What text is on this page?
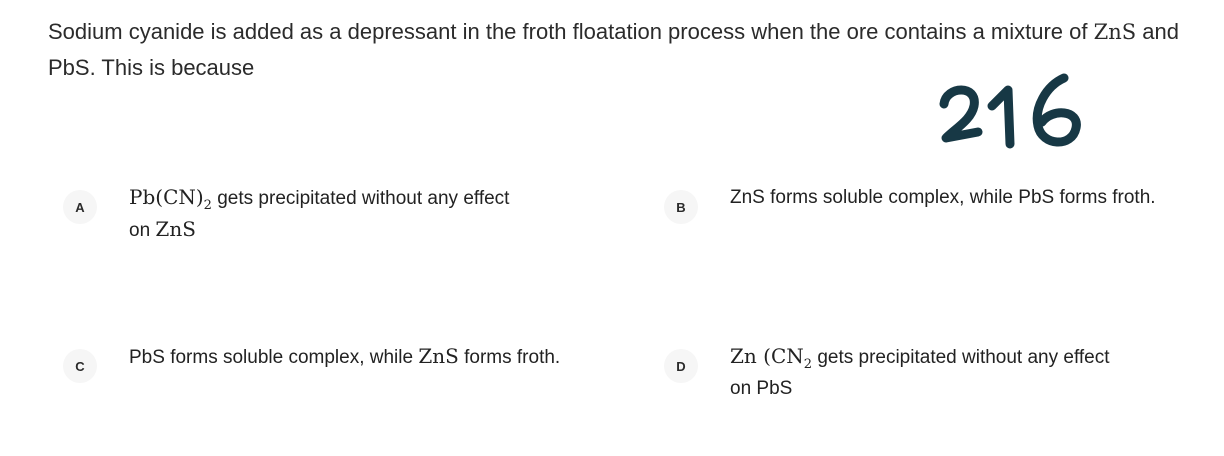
Sodium cyanide is added as a depressant in the froth floatation process when the ore contains a mixture of ZnS and PbS. This is because
A	$Pb(CN)_2$ gets precipitated without any effect
on ZnS
B	ZnS forms soluble complex, while PbS forms froth.
C	PbS forms soluble complex, while ZnS forms froth.	D	Zn ($CN_2$ gets precipitated without any effect
on PbS
